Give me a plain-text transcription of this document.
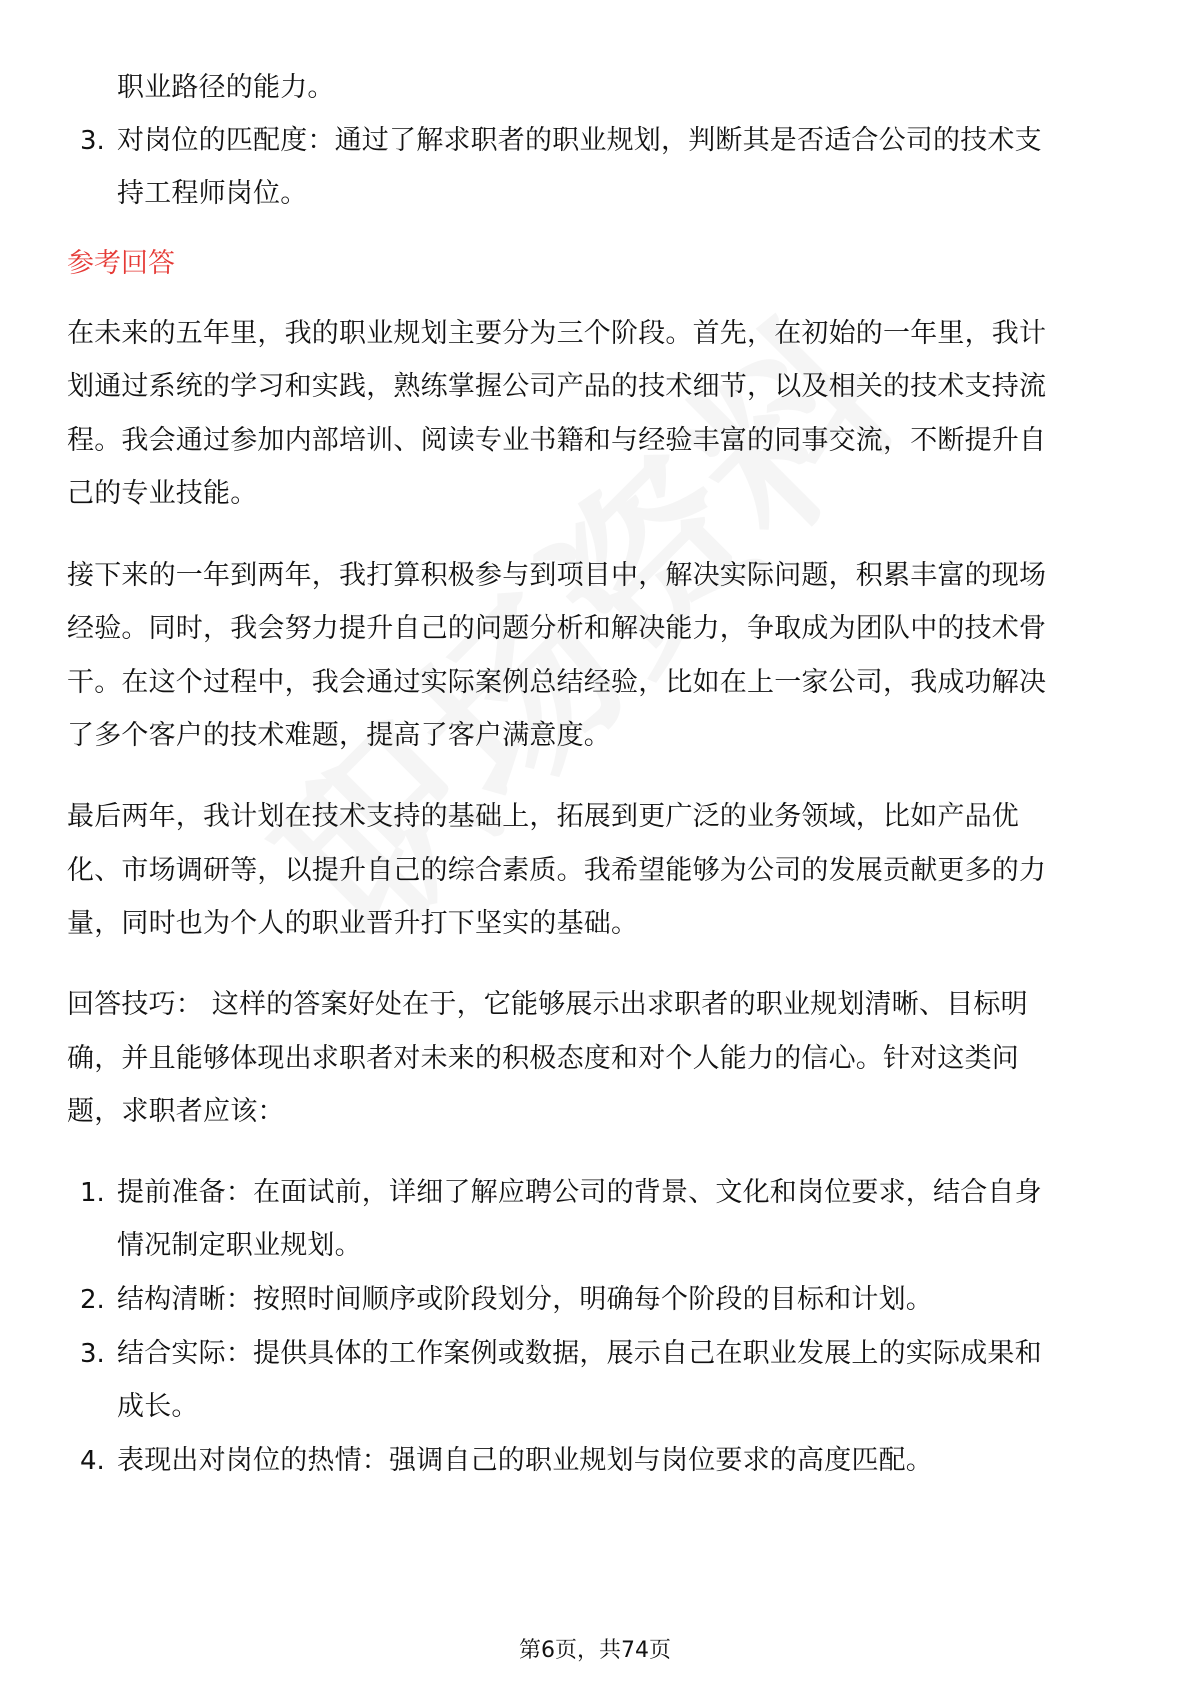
职业路径的能力。
3. 对岗位的匹配度：通过了解求职者的职业规划，判断其是否适合公司的技术支
持工程师岗位。
参考回答
在未来的五年里，我的职业规划主要分为三个阶段。首先，在初始的一年里，我计
划通过系统的学习和实践，熟练掌握公司产品的技术细节，以及相关的技术支持流
程。我会通过参加内部培训、阅读专业书籍和与经验丰富的同事交流，不断提升自
己的专业技能。
接下来的一年到两年，我打算积极参与到项目中，解决实际问题，积累丰富的现场
经验。同时，我会努力提升自己的问题分析和解决能力，争取成为团队中的技术骨
干。在这个过程中，我会通过实际案例总结经验，比如在上一家公司，我成功解决
了多个客户的技术难题，提高了客户满意度。
最后两年，我计划在技术支持的基础上，拓展到更广泛的业务领域，比如产品优
化、市场调研等，以提升自己的综合素质。我希望能够为公司的发展贡献更多的力
量，同时也为个人的职业晋升打下坚实的基础。
回答技巧： 这样的答案好处在于，它能够展示出求职者的职业规划清晰、目标明
确，并且能够体现出求职者对未来的积极态度和对个人能力的信心。针对这类问
题，求职者应该：
1. 提前准备：在面试前，详细了解应聘公司的背景、文化和岗位要求，结合自身
情况制定职业规划。
2. 结构清晰：按照时间顺序或阶段划分，明确每个阶段的目标和计划。
3. 结合实际：提供具体的工作案例或数据，展示自己在职业发展上的实际成果和
成长。
4. 表现出对岗位的热情：强调自己的职业规划与岗位要求的高度匹配。
第6页，共74页
